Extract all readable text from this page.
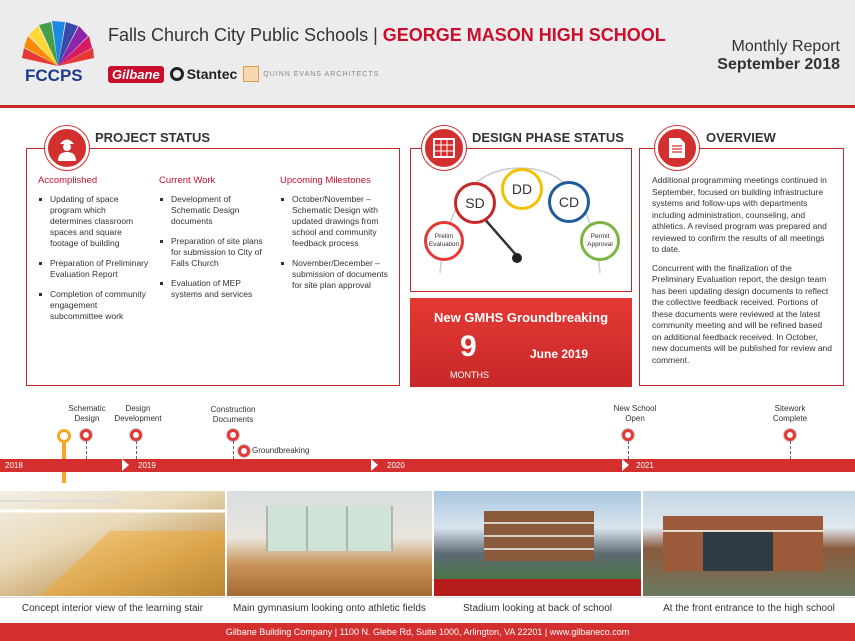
FCCPS
Falls Church City Public Schools | GEORGE MASON HIGH SCHOOL
Gilbane Stantec	QUINN EVANS ARCHITECTS
Monthly Report
September 2018
PROJECT STATUS
Accomplished
Updating of space program which determines classroom spaces and square footage of building
Preparation of Preliminary Evaluation Report
Completion of community engagement subcommittee work
Current Work
Development of Schematic Design documents
Preparation of site plans for submission to City of Falls Church
Evaluation of MEP systems and services
Upcoming Milestones
October/November – Schematic Design with updated drawings from school and community feedback process
November/December – submission of documents for site plan approval
DESIGN PHASE STATUS
Prelim Evaluation
SD
DD
CD
Permit Approval
New GMHS Groundbreaking
9
MONTHS
June 2019

Additional programming meetings continued in September, focused on building infrastructure systems and follow-ups with departments including administration, counseling, and athletics. A revised program was prepared and reviewed to confirm the results of all meetings to date.

Concurrent with the finalization of the Preliminary Evaluation report, the design team has been updating design documents to reflect the collective feedback received. Portions of these documents were reviewed at the latest community meeting and will be refined based on additional feedback received. In October, new documents will be published for review and comment.

OVERVIEW
Schematic Design
Design Development
Construction Documents
Groundbreaking
New School Open
Sitework Complete
2018	2019	2020	2021
Concept interior view of the learning stair	Main gymnasium looking onto athletic fields	Stadium looking at back of school	At the front entrance to the high school
Gilbane Building Company | 1100 N. Glebe Rd, Suite 1000, Arlington, VA 22201 | www.gilbaneco.com
